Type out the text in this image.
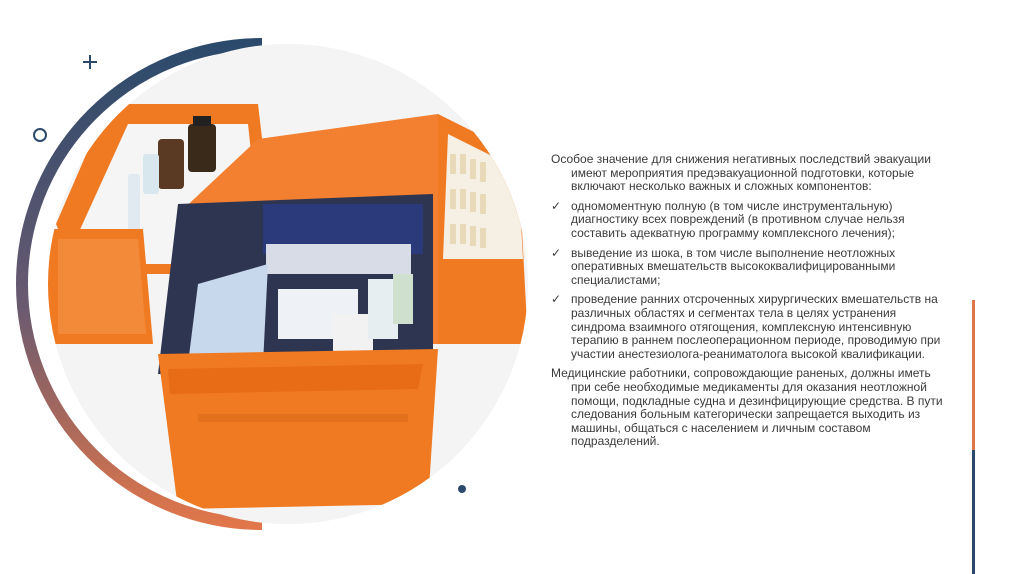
Особое значение для снижения негативных последствий эвакуации имеют мероприятия предэвакуационной подготовки, которые включают несколько важных и сложных компонентов:

✓ одномоментную полную (в том числе инструментальную) диагностику всех повреждений (в противном случае нельзя составить адекватную программу комплексного лечения);
✓ выведение из шока, в том числе выполнение неотложных оперативных вмешательств высококвалифицированными специалистами;
✓ проведение ранних отсроченных хирургических вмешательств на различных областях и сегментах тела в целях устранения синдрома взаимного отягощения, комплексную интенсивную терапию в раннем послеоперационном периоде, проводимую при участии анестезиолога-реаниматолога высокой квалификации.

Медицинские работники, сопровождающие раненых, должны иметь при себе необходимые медикаменты для оказания неотложной помощи, подкладные судна и дезинфицирующие средства. В пути следования больным категорически запрещается выходить из машины, общаться с населением и личным составом подразделений.
